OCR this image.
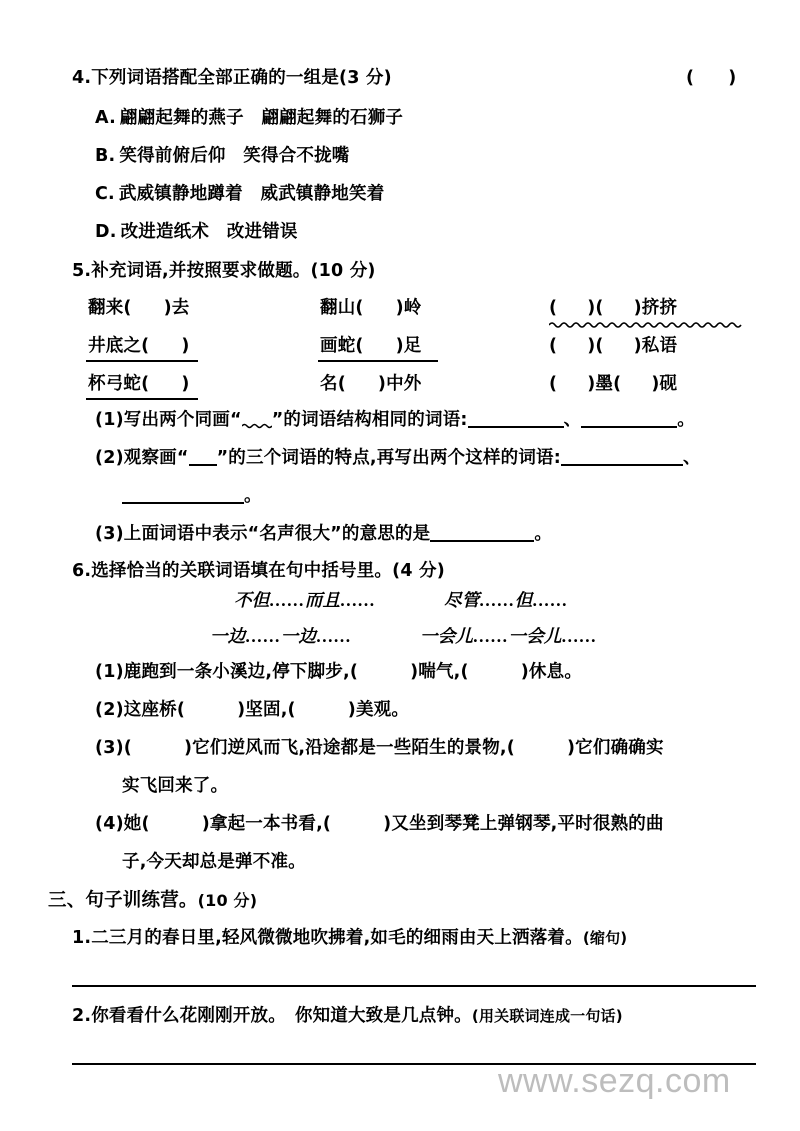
4.下列词语搭配全部正确的一组是(3 分)	( )
A. 翩翩起舞的燕子　翩翩起舞的石狮子
B. 笑得前俯后仰　笑得合不拢嘴
C. 武威镇静地蹲着　威武镇静地笑着
D. 改进造纸术　改进错误
5.补充词语,并按照要求做题。(10 分)
翻来( )去	翻山( )岭	( )( )挤挤
井底之( )	画蛇( )足	( )( )私语
杯弓蛇( )	名( )中外	( )墨( )砚
(1)写出两个同画“ ”的词语结构相同的词语:	、	。
(2)观察画“ ”的三个词语的特点,再写出两个这样的词语:	、
。
(3)上面词语中表示“名声很大”的意思的是	。
6.选择恰当的关联词语填在句中括号里。(4 分)
不但……而且……	尽管……但……
一边……一边……	一会儿……一会儿……
(1)鹿跑到一条小溪边,停下脚步,(	)喘气,(	)休息。
(2)这座桥(	)坚固,(	)美观。
(3)(	)它们逆风而飞,沿途都是一些陌生的景物,(	)它们确确实
实飞回来了。
(4)她(	)拿起一本书看,(	)又坐到琴凳上弹钢琴,平时很熟的曲
子,今天却总是弹不准。
三、句子训练营。(10 分)
1.二三月的春日里,轻风微微地吹拂着,如毛的细雨由天上洒落着。(缩句)
2.你看看什么花刚刚开放。　你知道大致是几点钟。(用关联词连成一句话)
www.sezq.com
